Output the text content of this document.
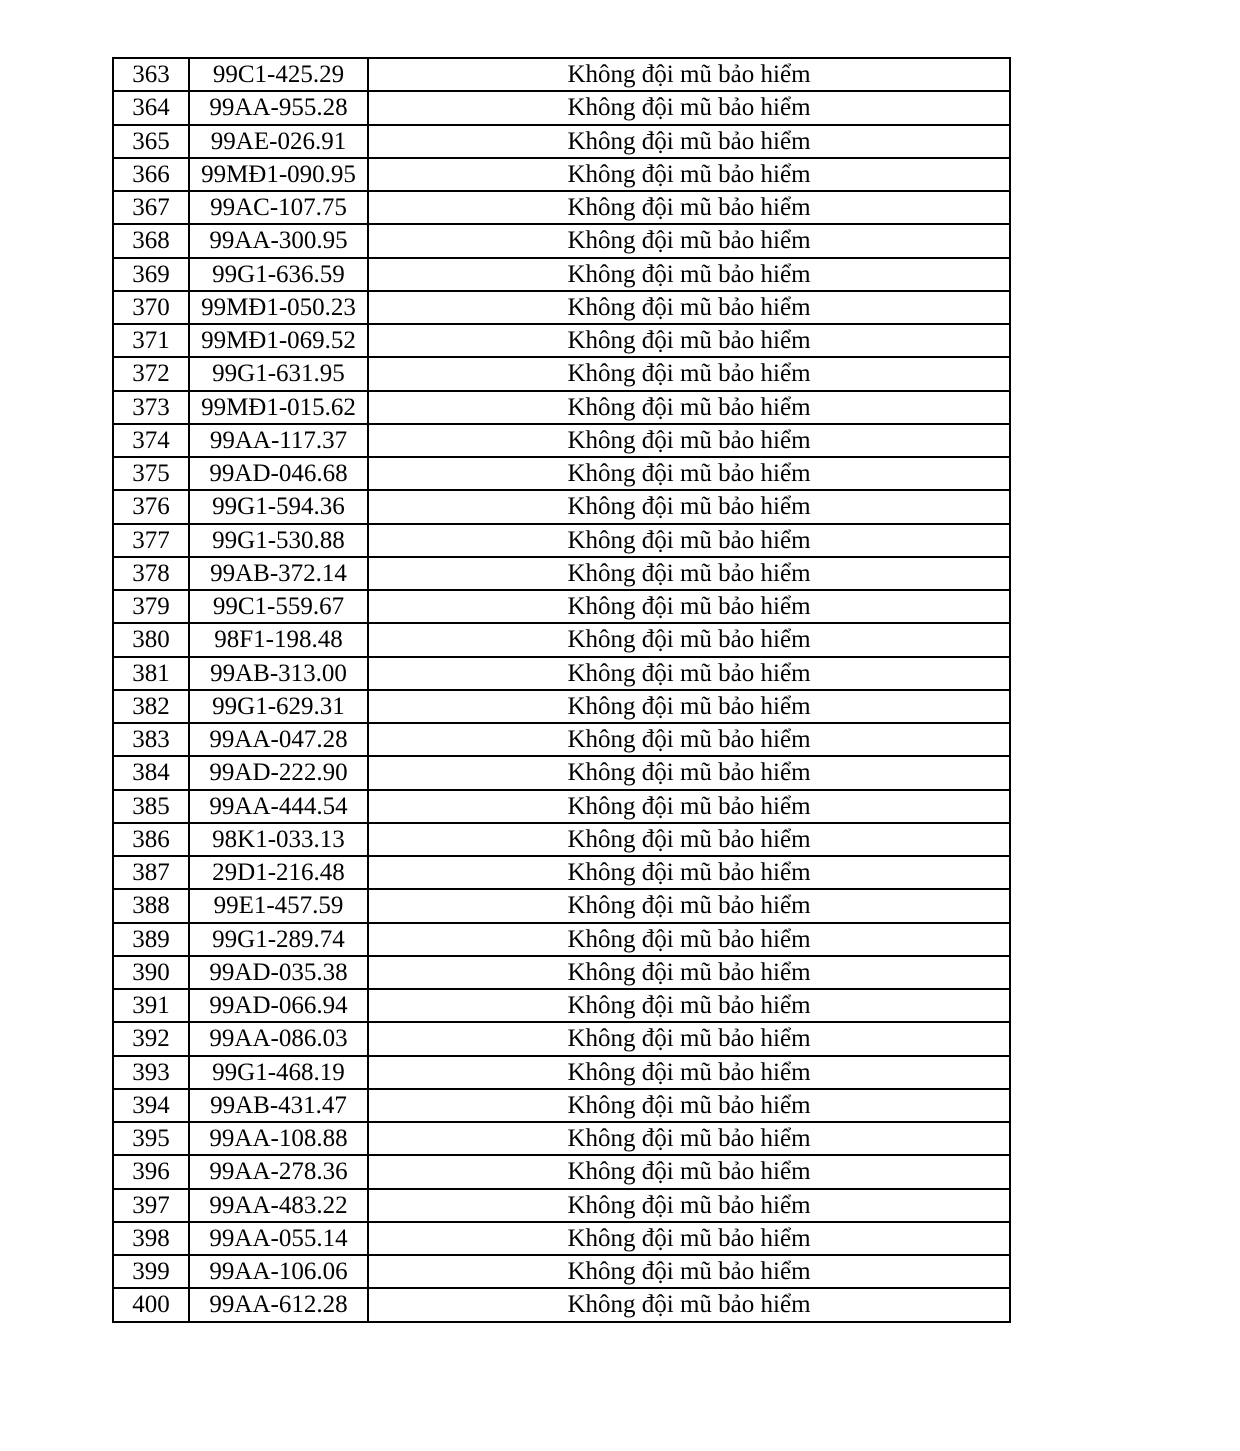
363	99C1-425.29	Không đội mũ bảo hiểm
364	99AA-955.28	Không đội mũ bảo hiểm
365	99AE-026.91	Không đội mũ bảo hiểm
366	99MĐ1-090.95	Không đội mũ bảo hiểm
367	99AC-107.75	Không đội mũ bảo hiểm
368	99AA-300.95	Không đội mũ bảo hiểm
369	99G1-636.59	Không đội mũ bảo hiểm
370	99MĐ1-050.23	Không đội mũ bảo hiểm
371	99MĐ1-069.52	Không đội mũ bảo hiểm
372	99G1-631.95	Không đội mũ bảo hiểm
373	99MĐ1-015.62	Không đội mũ bảo hiểm
374	99AA-117.37	Không đội mũ bảo hiểm
375	99AD-046.68	Không đội mũ bảo hiểm
376	99G1-594.36	Không đội mũ bảo hiểm
377	99G1-530.88	Không đội mũ bảo hiểm
378	99AB-372.14	Không đội mũ bảo hiểm
379	99C1-559.67	Không đội mũ bảo hiểm
380	98F1-198.48	Không đội mũ bảo hiểm
381	99AB-313.00	Không đội mũ bảo hiểm
382	99G1-629.31	Không đội mũ bảo hiểm
383	99AA-047.28	Không đội mũ bảo hiểm
384	99AD-222.90	Không đội mũ bảo hiểm
385	99AA-444.54	Không đội mũ bảo hiểm
386	98K1-033.13	Không đội mũ bảo hiểm
387	29D1-216.48	Không đội mũ bảo hiểm
388	99E1-457.59	Không đội mũ bảo hiểm
389	99G1-289.74	Không đội mũ bảo hiểm
390	99AD-035.38	Không đội mũ bảo hiểm
391	99AD-066.94	Không đội mũ bảo hiểm
392	99AA-086.03	Không đội mũ bảo hiểm
393	99G1-468.19	Không đội mũ bảo hiểm
394	99AB-431.47	Không đội mũ bảo hiểm
395	99AA-108.88	Không đội mũ bảo hiểm
396	99AA-278.36	Không đội mũ bảo hiểm
397	99AA-483.22	Không đội mũ bảo hiểm
398	99AA-055.14	Không đội mũ bảo hiểm
399	99AA-106.06	Không đội mũ bảo hiểm
400	99AA-612.28	Không đội mũ bảo hiểm
